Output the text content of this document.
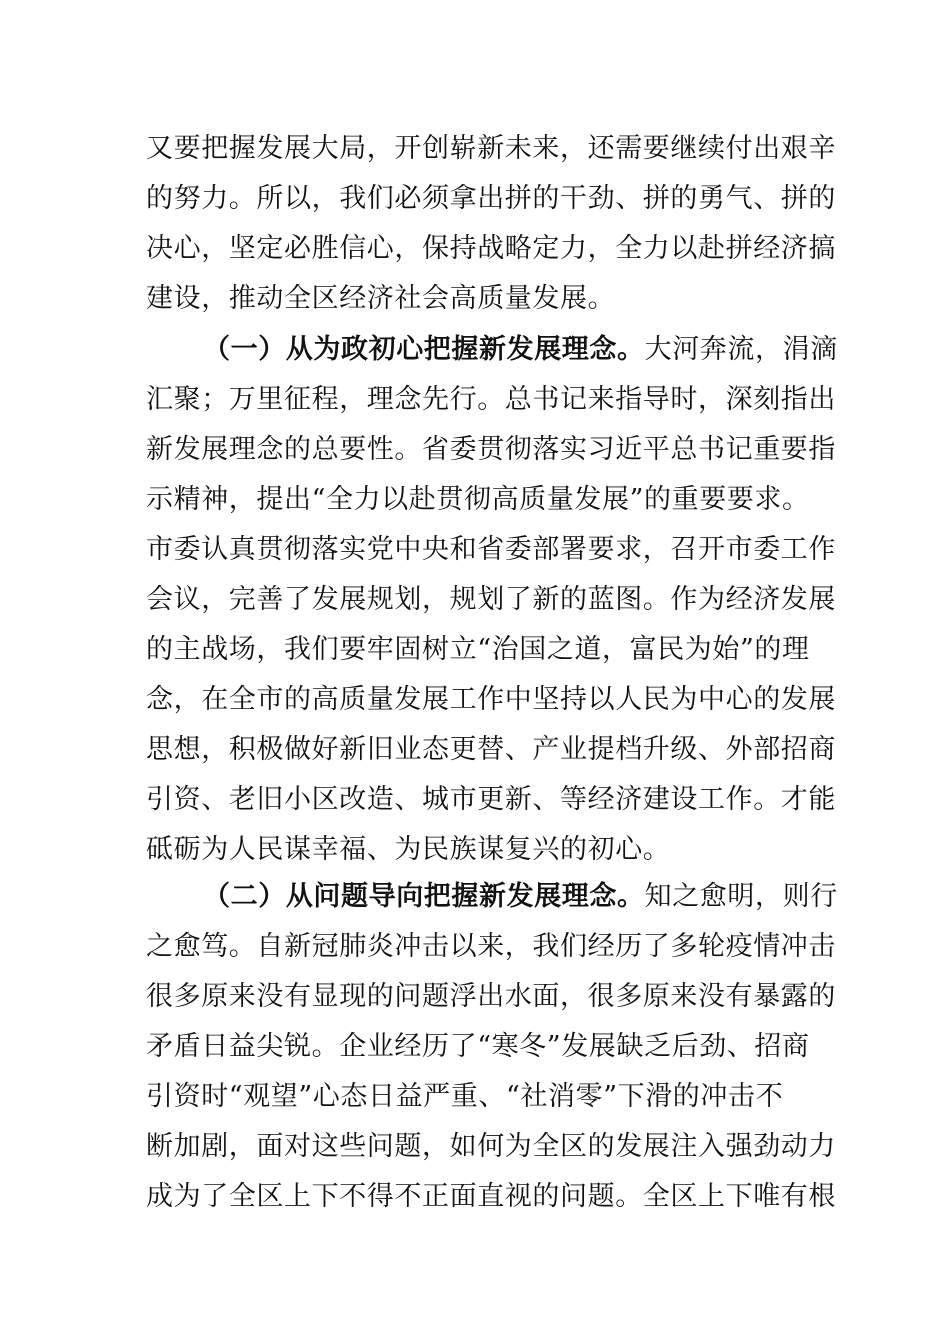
又要把握发展大局，开创崭新未来，还需要继续付出艰辛
的努力。所以，我们必须拿出拼的干劲、拼的勇气、拼的
决心，坚定必胜信心，保持战略定力，全力以赴拼经济搞
建设，推动全区经济社会高质量发展。
（一）从为政初心把握新发展理念。大河奔流，涓滴
汇聚；万里征程，理念先行。总书记来指导时，深刻指出
新发展理念的总要性。省委贯彻落实习近平总书记重要指
示精神，提出“全力以赴贯彻高质量发展”的重要要求。
市委认真贯彻落实党中央和省委部署要求，召开市委工作
会议，完善了发展规划，规划了新的蓝图。作为经济发展
的主战场，我们要牢固树立“治国之道，富民为始”的理
念，在全市的高质量发展工作中坚持以人民为中心的发展
思想，积极做好新旧业态更替、产业提档升级、外部招商
引资、老旧小区改造、城市更新、等经济建设工作。才能
砥砺为人民谋幸福、为民族谋复兴的初心。
（二）从问题导向把握新发展理念。知之愈明，则行
之愈笃。自新冠肺炎冲击以来，我们经历了多轮疫情冲击
很多原来没有显现的问题浮出水面，很多原来没有暴露的
矛盾日益尖锐。企业经历了“寒冬”发展缺乏后劲、招商
引资时“观望”心态日益严重、“社消零”下滑的冲击不
断加剧，面对这些问题，如何为全区的发展注入强劲动力
成为了全区上下不得不正面直视的问题。全区上下唯有根
